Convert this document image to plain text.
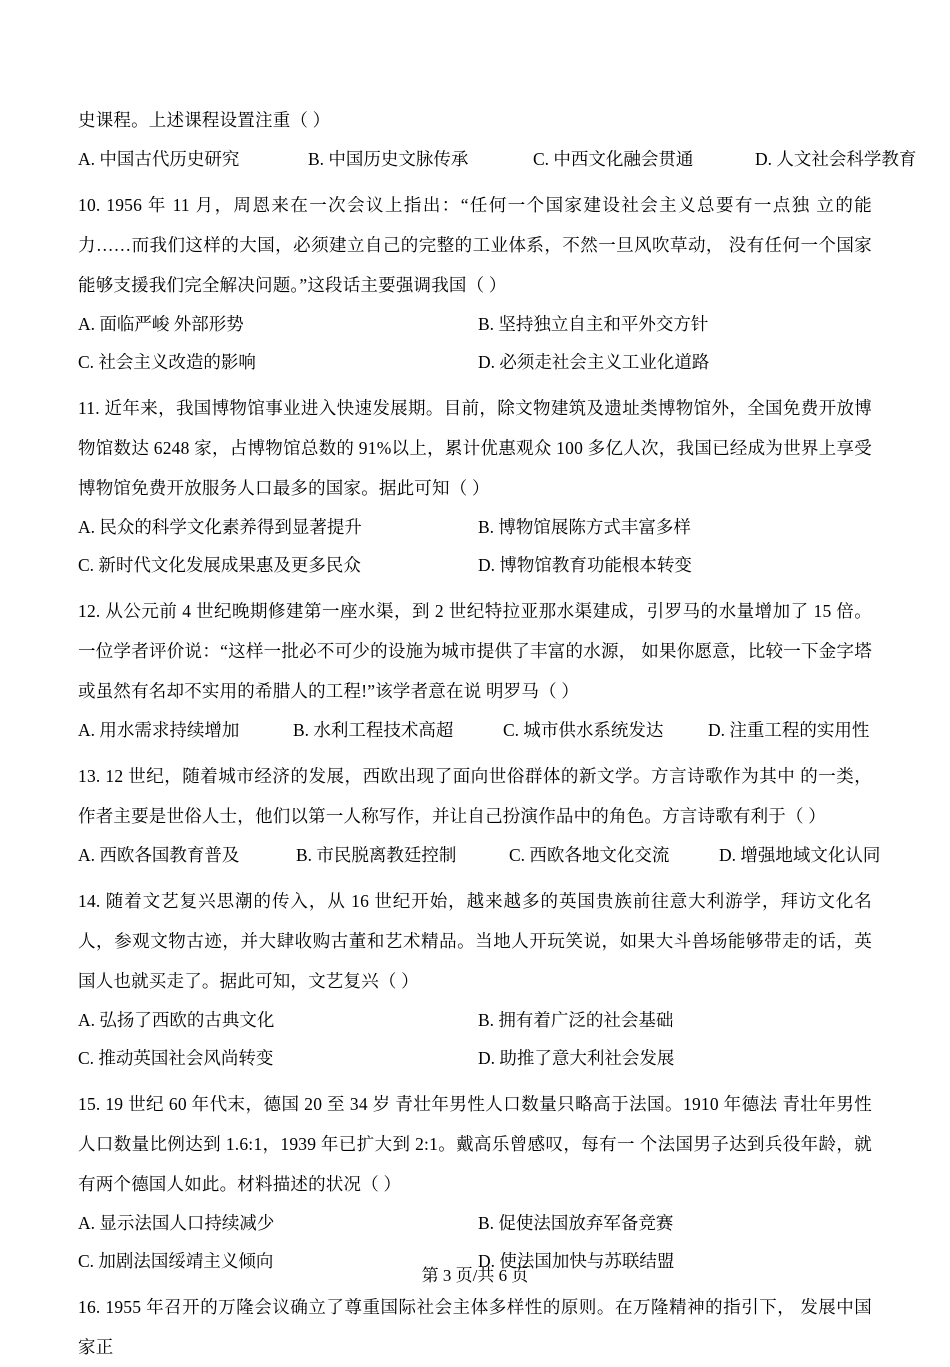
史课程。上述课程设置注重（ ）
A. 中国古代历史研究	B. 中国历史文脉传承	C. 中西文化融会贯通	D. 人文社会科学教育
10. 1956 年 11 月，周恩来在一次会议上指出：“任何一个国家建设社会主义总要有一点独 立的能力……而我们这样的大国，必须建立自己的完整的工业体系，不然一旦风吹草动， 没有任何一个国家能够支援我们完全解决问题。”这段话主要强调我国（ ）
A. 面临严峻 外部形势	B. 坚持独立自主和平外交方针
C. 社会主义改造的影响	D. 必须走社会主义工业化道路
11. 近年来，我国博物馆事业进入快速发展期。目前，除文物建筑及遗址类博物馆外，全国免费开放博物馆数达 6248 家，占博物馆总数的 91%以上，累计优惠观众 100 多亿人次，我国已经成为世界上享受博物馆免费开放服务人口最多的国家。据此可知（ ）
A. 民众的科学文化素养得到显著提升	B. 博物馆展陈方式丰富多样
C. 新时代文化发展成果惠及更多民众	D. 博物馆教育功能根本转变
12. 从公元前 4 世纪晚期修建第一座水渠，到 2 世纪特拉亚那水渠建成，引罗马的水量增加了 15 倍。一位学者评价说：“这样一批必不可少的设施为城市提供了丰富的水源， 如果你愿意，比较一下金字塔或虽然有名却不实用的希腊人的工程!”该学者意在说 明罗马（ ）
A. 用水需求持续增加	B. 水利工程技术高超	C. 城市供水系统发达	D. 注重工程的实用性
13. 12 世纪，随着城市经济的发展，西欧出现了面向世俗群体的新文学。方言诗歌作为其中 的一类，作者主要是世俗人士，他们以第一人称写作，并让自己扮演作品中的角色。方言诗歌有利于（ ）
A. 西欧各国教育普及	B. 市民脱离教廷控制	C. 西欧各地文化交流	D. 增强地域文化认同
14. 随着文艺复兴思潮的传入，从 16 世纪开始，越来越多的英国贵族前往意大利游学，拜访文化名人，参观文物古迹，并大肆收购古董和艺术精品。当地人开玩笑说，如果大斗兽场能够带走的话，英国人也就买走了。据此可知，文艺复兴（ ）
A. 弘扬了西欧的古典文化	B. 拥有着广泛的社会基础
C. 推动英国社会风尚转变	D. 助推了意大利社会发展
15. 19 世纪 60 年代末，德国 20 至 34 岁 青壮年男性人口数量只略高于法国。1910 年德法 青壮年男性人口数量比例达到 1.6:1，1939 年已扩大到 2:1。戴高乐曾感叹，每有一 个法国男子达到兵役年龄，就有两个德国人如此。材料描述的状况（ ）
A. 显示法国人口持续减少	B. 促使法国放弃军备竞赛
C. 加剧法国绥靖主义倾向	D. 使法国加快与苏联结盟
16. 1955 年召开的万隆会议确立了尊重国际社会主体多样性的原则。在万隆精神的指引下， 发展中国家正
第 3 页/共 6 页
